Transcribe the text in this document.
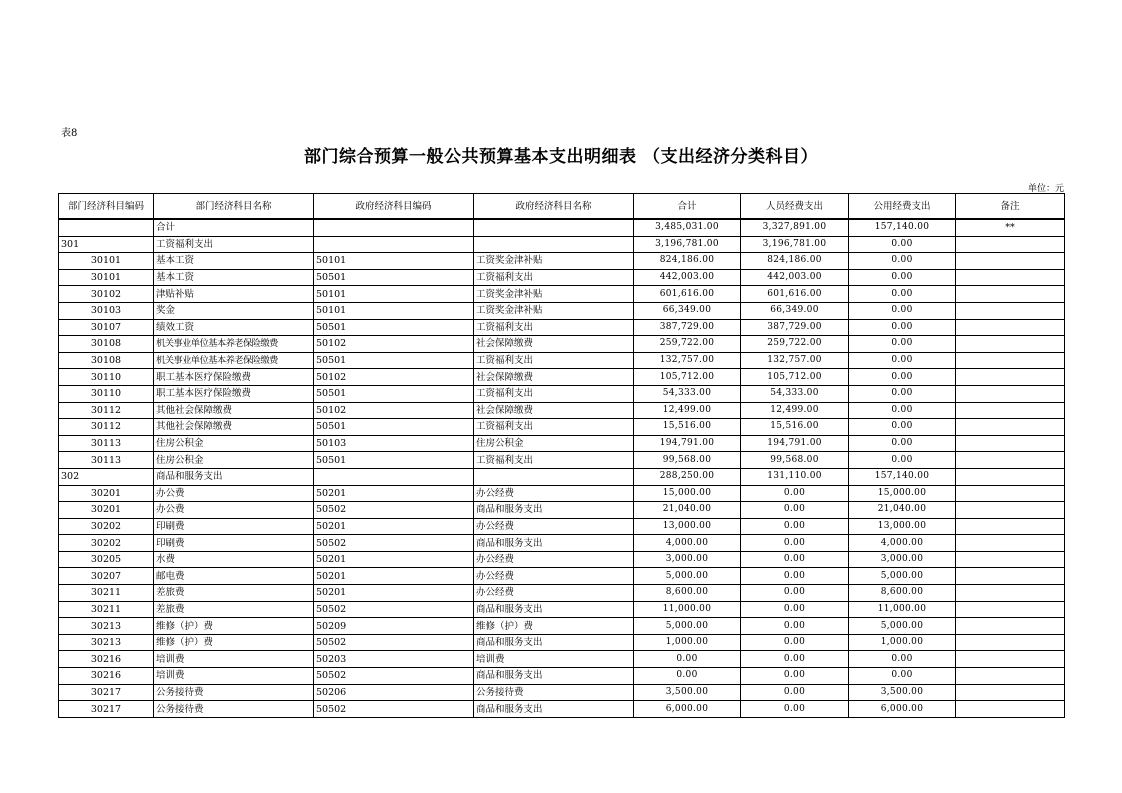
表8
部门综合预算一般公共预算基本支出明细表 （支出经济分类科目）
单位：元
部门经济科目编码	部门经济科目名称	政府经济科目编码	政府经济科目名称	合计	人员经费支出	公用经费支出	备注
	合计			3,485,031.00	3,327,891.00	157,140.00	**
301	工资福利支出			3,196,781.00	3,196,781.00	0.00	
30101	基本工资	50101	工资奖金津补贴	824,186.00	824,186.00	0.00	
30101	基本工资	50501	工资福利支出	442,003.00	442,003.00	0.00	
30102	津贴补贴	50101	工资奖金津补贴	601,616.00	601,616.00	0.00	
30103	奖金	50101	工资奖金津补贴	66,349.00	66,349.00	0.00	
30107	绩效工资	50501	工资福利支出	387,729.00	387,729.00	0.00	
30108	机关事业单位基本养老保险缴费	50102	社会保障缴费	259,722.00	259,722.00	0.00	
30108	机关事业单位基本养老保险缴费	50501	工资福利支出	132,757.00	132,757.00	0.00	
30110	职工基本医疗保险缴费	50102	社会保障缴费	105,712.00	105,712.00	0.00	
30110	职工基本医疗保险缴费	50501	工资福利支出	54,333.00	54,333.00	0.00	
30112	其他社会保障缴费	50102	社会保障缴费	12,499.00	12,499.00	0.00	
30112	其他社会保障缴费	50501	工资福利支出	15,516.00	15,516.00	0.00	
30113	住房公积金	50103	住房公积金	194,791.00	194,791.00	0.00	
30113	住房公积金	50501	工资福利支出	99,568.00	99,568.00	0.00	
302	商品和服务支出			288,250.00	131,110.00	157,140.00	
30201	办公费	50201	办公经费	15,000.00	0.00	15,000.00	
30201	办公费	50502	商品和服务支出	21,040.00	0.00	21,040.00	
30202	印刷费	50201	办公经费	13,000.00	0.00	13,000.00	
30202	印刷费	50502	商品和服务支出	4,000.00	0.00	4,000.00	
30205	水费	50201	办公经费	3,000.00	0.00	3,000.00	
30207	邮电费	50201	办公经费	5,000.00	0.00	5,000.00	
30211	差旅费	50201	办公经费	8,600.00	0.00	8,600.00	
30211	差旅费	50502	商品和服务支出	11,000.00	0.00	11,000.00	
30213	维修（护）费	50209	维修（护）费	5,000.00	0.00	5,000.00	
30213	维修（护）费	50502	商品和服务支出	1,000.00	0.00	1,000.00	
30216	培训费	50203	培训费	0.00	0.00	0.00	
30216	培训费	50502	商品和服务支出	0.00	0.00	0.00	
30217	公务接待费	50206	公务接待费	3,500.00	0.00	3,500.00	
30217	公务接待费	50502	商品和服务支出	6,000.00	0.00	6,000.00	
